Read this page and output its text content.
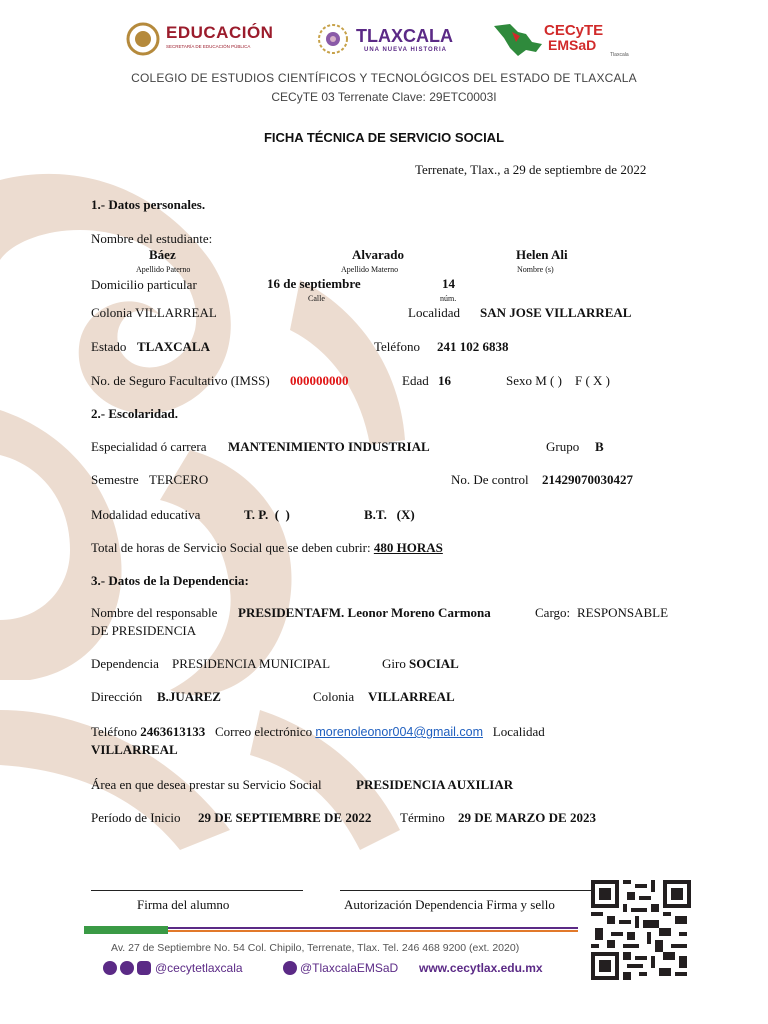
EDUCACIÓN
SECRETARÍA DE EDUCACIÓN PÚBLICA
TLAXCALA
UNA NUEVA HISTORIA
CECyTE
EMSaD
Tlaxcala
COLEGIO DE ESTUDIOS CIENTÍFICOS Y TECNOLÓGICOS DEL ESTADO DE TLAXCALA
CECyTE 03 Terrenate Clave: 29ETC0003I
FICHA TÉCNICA DE SERVICIO SOCIAL
Terrenate, Tlax., a 29 de septiembre de 2022
1.- Datos personales.
Nombre del estudiante:
Báez	Alvarado	Helen Ali
Apellido Paterno	Apellido Materno	Nombre (s)
Domicilio particular	16 de septiembre	14
Calle	núm.
Colonia VILLARREAL	Localidad SAN JOSE VILLARREAL
Estado TLAXCALA	Teléfono 241 102 6838
No. de Seguro Facultativo (IMSS) 000000000	Edad 16	Sexo M ( )    F ( X )
2.- Escolaridad.
Especialidad ó carrera MANTENIMIENTO INDUSTRIAL	Grupo B
Semestre TERCERO	No. De control 21429070030427
Modalidad educativa	T. P.  (  )	B.T.   (X)
Total de horas de Servicio Social que se deben cubrir: 480 HORAS
3.- Datos de la Dependencia:
Nombre del responsable PRESIDENTAFM. Leonor Moreno Carmona	Cargo: RESPONSABLE
DE PRESIDENCIA
Dependencia PRESIDENCIA MUNICIPAL	Giro SOCIAL
Dirección B.JUAREZ	Colonia VILLARREAL
Teléfono 2463613133 Correo electrónico morenoleonor004@gmail.com Localidad
VILLARREAL
Área en que desea prestar su Servicio Social	PRESIDENCIA AUXILIAR
Período de Inicio 29 DE SEPTIEMBRE DE 2022 Término 29 DE MARZO DE 2023
Firma del alumno	Autorización Dependencia Firma y sello
Av. 27 de Septiembre No. 54 Col. Chipilo, Terrenate, Tlax. Tel. 246 468 9200 (ext. 2020)
@cecytetlaxcala	@TlaxcalaEMSaD www.cecytlax.edu.mx
